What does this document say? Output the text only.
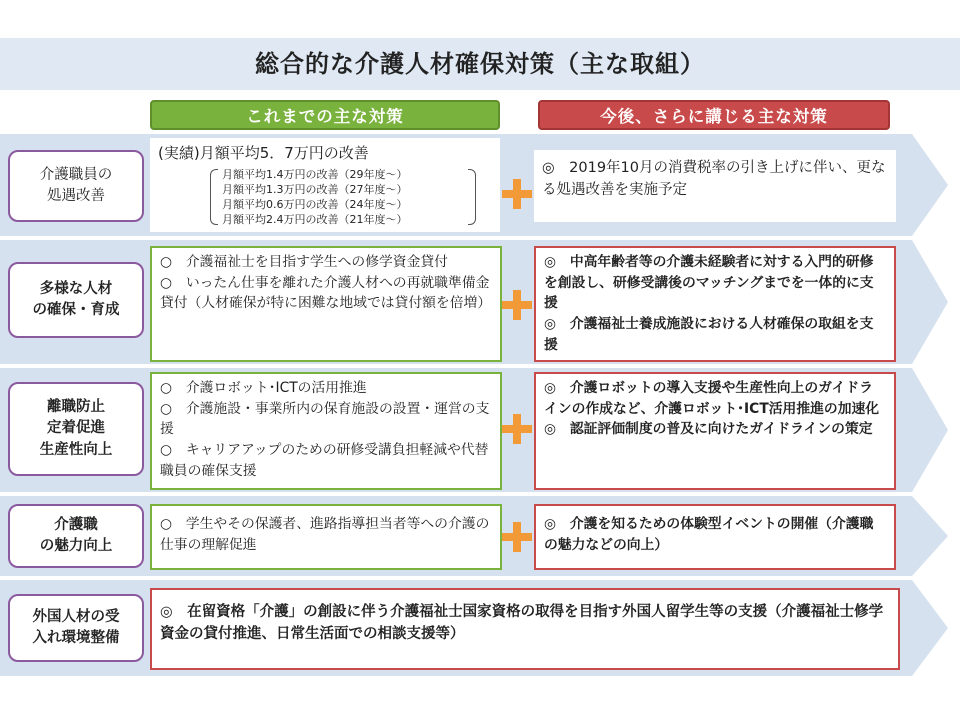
総合的な介護人材確保対策（主な取組）
これまでの主な対策	今後、さらに講じる主な対策
介護職員の
処遇改善

(実績)月額平均5．7万円の改善

月額平均1.4万円の改善（29年度～）
月額平均1.3万円の改善（27年度～）
月額平均0.6万円の改善（24年度～）
月額平均2.4万円の改善（21年度～）

◎　2019年10月の消費税率の引き上げに伴い、更なる処遇改善を実施予定

多様な人材
の確保・育成

○　介護福祉士を目指す学生への修学資金貸付

○　いったん仕事を離れた介護人材への再就職準備金貸付（人材確保が特に困難な地域では貸付額を倍増）

◎　中高年齢者等の介護未経験者に対する入門的研修を創設し、研修受講後のマッチングまでを一体的に支援

◎　介護福祉士養成施設における人材確保の取組を支援

離職防止
定着促進
生産性向上

○　介護ロボット･ICTの活用推進

○　介護施設・事業所内の保育施設の設置・運営の支援

○　キャリアアップのための研修受講負担軽減や代替職員の確保支援

◎　介護ロボットの導入支援や生産性向上のガイドラインの作成など、介護ロボット･ICT活用推進の加速化

◎　認証評価制度の普及に向けたガイドラインの策定

介護職
の魅力向上

○　学生やその保護者、進路指導担当者等への介護の仕事の理解促進

◎　介護を知るための体験型イベントの開催（介護職の魅力などの向上）

外国人材の受
入れ環境整備

◎　在留資格「介護」の創設に伴う介護福祉士国家資格の取得を目指す外国人留学生等の支援（介護福祉士修学資金の貸付推進、日常生活面での相談支援等）
